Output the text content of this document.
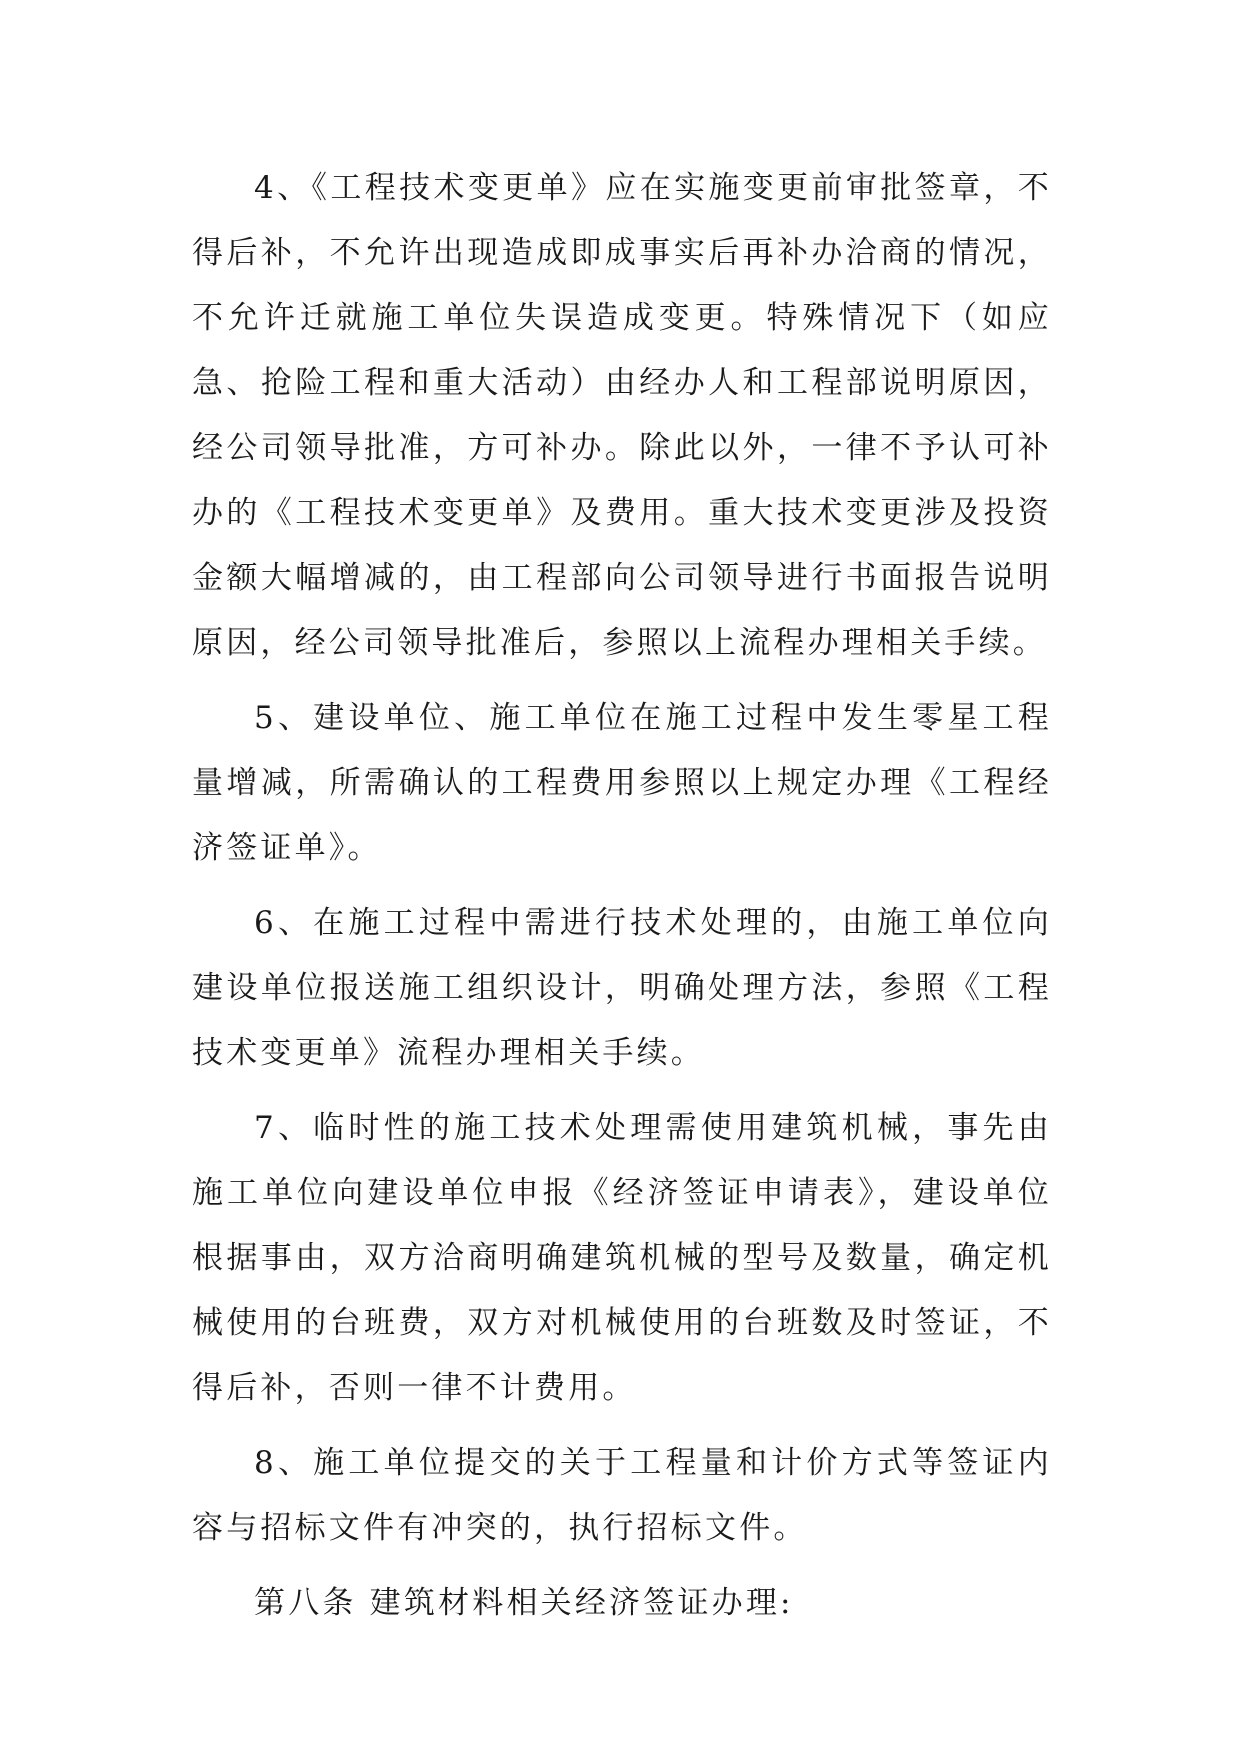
4、《工程技术变更单》应在实施变更前审批签章，不得后补，不允许出现造成即成事实后再补办洽商的情况，不允许迁就施工单位失误造成变更。特殊情况下（如应急、抢险工程和重大活动）由经办人和工程部说明原因，经公司领导批准，方可补办。除此以外，一律不予认可补办的《工程技术变更单》及费用。重大技术变更涉及投资金额大幅增减的，由工程部向公司领导进行书面报告说明原因，经公司领导批准后，参照以上流程办理相关手续。

5、建设单位、施工单位在施工过程中发生零星工程量增减，所需确认的工程费用参照以上规定办理《工程经济签证单》。

6、在施工过程中需进行技术处理的，由施工单位向建设单位报送施工组织设计，明确处理方法，参照《工程技术变更单》流程办理相关手续。

7、临时性的施工技术处理需使用建筑机械，事先由施工单位向建设单位申报《经济签证申请表》，建设单位根据事由，双方洽商明确建筑机械的型号及数量，确定机械使用的台班费，双方对机械使用的台班数及时签证，不得后补，否则一律不计费用。

8、施工单位提交的关于工程量和计价方式等签证内容与招标文件有冲突的，执行招标文件。

第八条 建筑材料相关经济签证办理:
